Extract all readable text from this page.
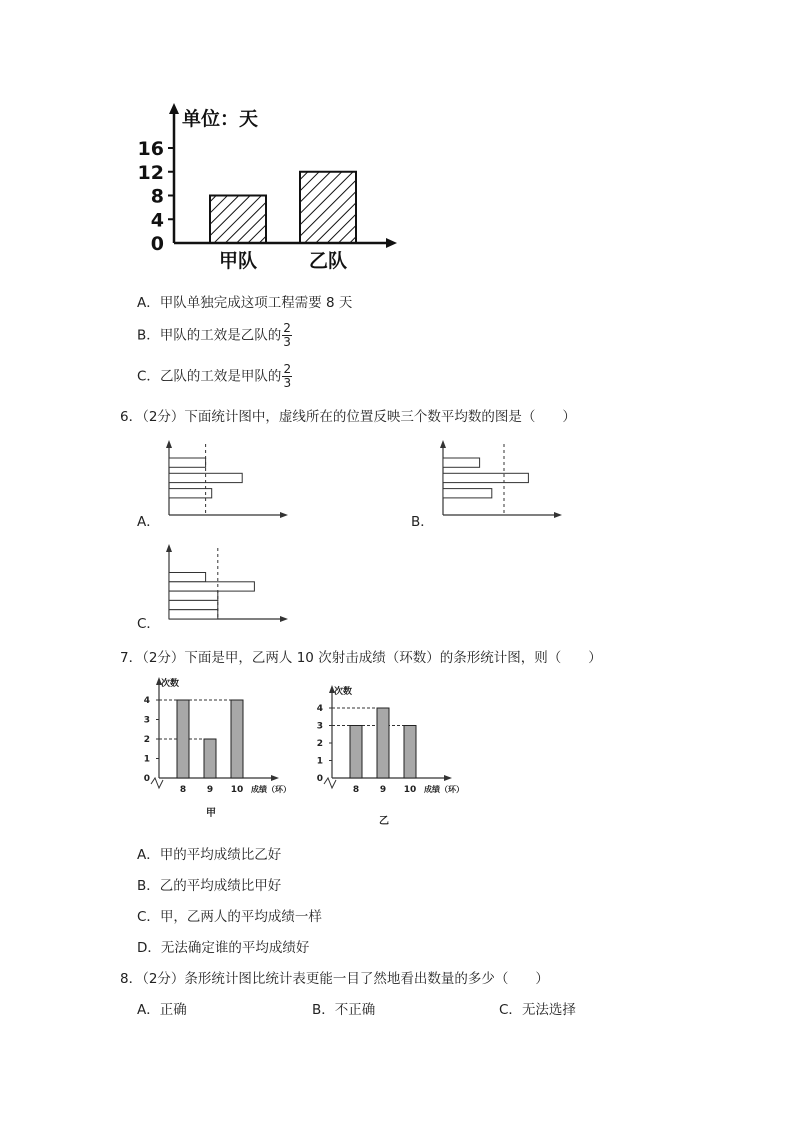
单位：天
0
4
8
12
16
甲队	乙队
A．甲队单独完成这项工程需要 8 天
B．甲队的工效是乙队的 $\frac{2}{3}$
C．乙队的工效是甲队的 $\frac{2}{3}$
6．（2分）下面统计图中，虚线所在的位置反映三个数平均数的图是（　　）
A．	B．
C．
7．（2分）下面是甲，乙两人 10 次射击成绩（环数）的条形统计图，则（　　）
次数
0
1
2
3
4
8 9 10 成绩（环）
甲
次数
0
1
2
3
4
8 9 10 成绩（环）
乙
A．甲的平均成绩比乙好
B．乙的平均成绩比甲好
C．甲，乙两人的平均成绩一样
D．无法确定谁的平均成绩好
8．（2分）条形统计图比统计表更能一目了然地看出数量的多少（　　）
A．正确	B．不正确	C．无法选择
